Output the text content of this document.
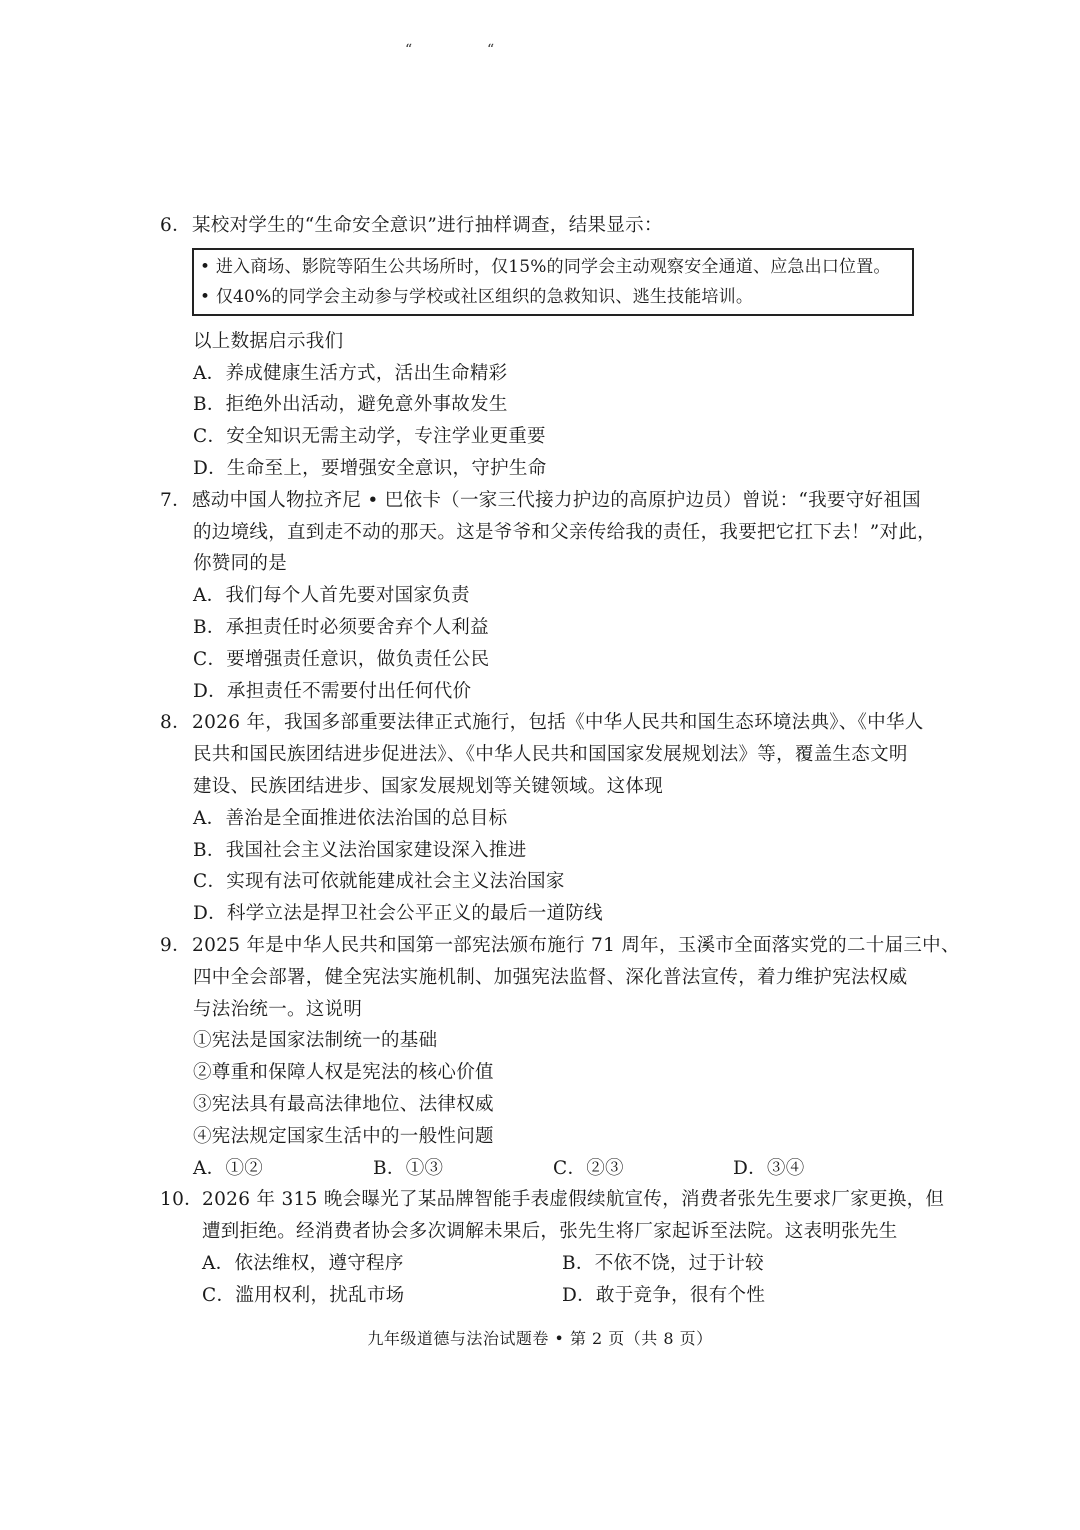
“	“
6．某校对学生的“生命安全意识”进行抽样调查，结果显示：
• 进入商场、影院等陌生公共场所时，仅15%的同学会主动观察安全通道、应急出口位置。
• 仅40%的同学会主动参与学校或社区组织的急救知识、逃生技能培训。
以上数据启示我们
A．养成健康生活方式，活出生命精彩
B．拒绝外出活动，避免意外事故发生
C．安全知识无需主动学，专注学业更重要
D．生命至上，要增强安全意识，守护生命
7．感动中国人物拉齐尼 • 巴依卡（一家三代接力护边的高原护边员）曾说：“我要守好祖国
的边境线，直到走不动的那天。这是爷爷和父亲传给我的责任，我要把它扛下去！”对此，
你赞同的是
A．我们每个人首先要对国家负责
B．承担责任时必须要舍弃个人利益
C．要增强责任意识，做负责任公民
D．承担责任不需要付出任何代价
8．2026 年，我国多部重要法律正式施行，包括《中华人民共和国生态环境法典》、《中华人
民共和国民族团结进步促进法》、《中华人民共和国国家发展规划法》等，覆盖生态文明
建设、民族团结进步、国家发展规划等关键领域。这体现
A．善治是全面推进依法治国的总目标
B．我国社会主义法治国家建设深入推进
C．实现有法可依就能建成社会主义法治国家
D．科学立法是捍卫社会公平正义的最后一道防线
9．2025 年是中华人民共和国第一部宪法颁布施行 71 周年，玉溪市全面落实党的二十届三中、
四中全会部署，健全宪法实施机制、加强宪法监督、深化普法宣传，着力维护宪法权威
与法治统一。这说明
①宪法是国家法制统一的基础
②尊重和保障人权是宪法的核心价值
③宪法具有最高法律地位、法律权威
④宪法规定国家生活中的一般性问题
A．①②	B．①③	C．②③	D．③④
10．2026 年 315 晚会曝光了某品牌智能手表虚假续航宣传，消费者张先生要求厂家更换，但
遭到拒绝。经消费者协会多次调解未果后，张先生将厂家起诉至法院。这表明张先生
A．依法维权，遵守程序	B．不依不饶，过于计较
C．滥用权利，扰乱市场	D．敢于竞争，很有个性
九年级道德与法治试题卷 • 第 2 页（共 8 页）
